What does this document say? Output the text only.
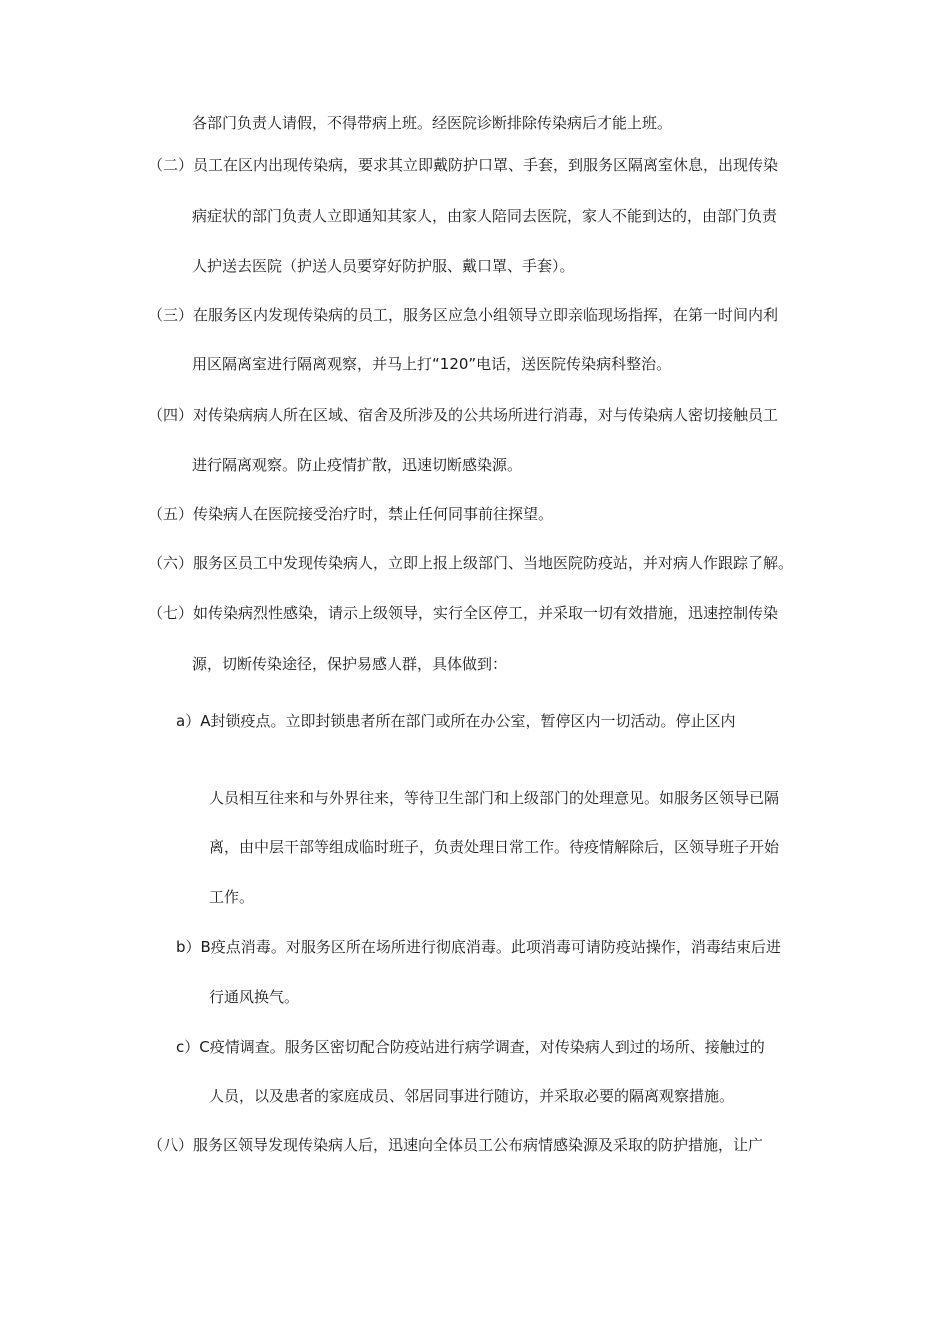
各部门负责人请假，不得带病上班。经医院诊断排除传染病后才能上班。
（二）员工在区内出现传染病，要求其立即戴防护口罩、手套，到服务区隔离室休息，出现传染
病症状的部门负责人立即通知其家人，由家人陪同去医院，家人不能到达的，由部门负责
人护送去医院（护送人员要穿好防护服、戴口罩、手套）。
（三）在服务区内发现传染病的员工，服务区应急小组领导立即亲临现场指挥，在第一时间内利
用区隔离室进行隔离观察，并马上打“120”电话，送医院传染病科整治。
（四）对传染病病人所在区域、宿舍及所涉及的公共场所进行消毒，对与传染病人密切接触员工
进行隔离观察。防止疫情扩散，迅速切断感染源。
（五）传染病人在医院接受治疗时，禁止任何同事前往探望。
（六）服务区员工中发现传染病人，立即上报上级部门、当地医院防疫站，并对病人作跟踪了解。
（七）如传染病烈性感染，请示上级领导，实行全区停工，并采取一切有效措施，迅速控制传染
源，切断传染途径，保护易感人群，具体做到：
a）A封锁疫点。立即封锁患者所在部门或所在办公室，暂停区内一切活动。停止区内
人员相互往来和与外界往来，等待卫生部门和上级部门的处理意见。如服务区领导已隔
离，由中层干部等组成临时班子，负责处理日常工作。待疫情解除后，区领导班子开始
工作。
b）B疫点消毒。对服务区所在场所进行彻底消毒。此项消毒可请防疫站操作，消毒结束后进
行通风换气。
c）C疫情调查。服务区密切配合防疫站进行病学调查，对传染病人到过的场所、接触过的
人员，以及患者的家庭成员、邻居同事进行随访，并采取必要的隔离观察措施。
（八）服务区领导发现传染病人后，迅速向全体员工公布病情感染源及采取的防护措施，让广
